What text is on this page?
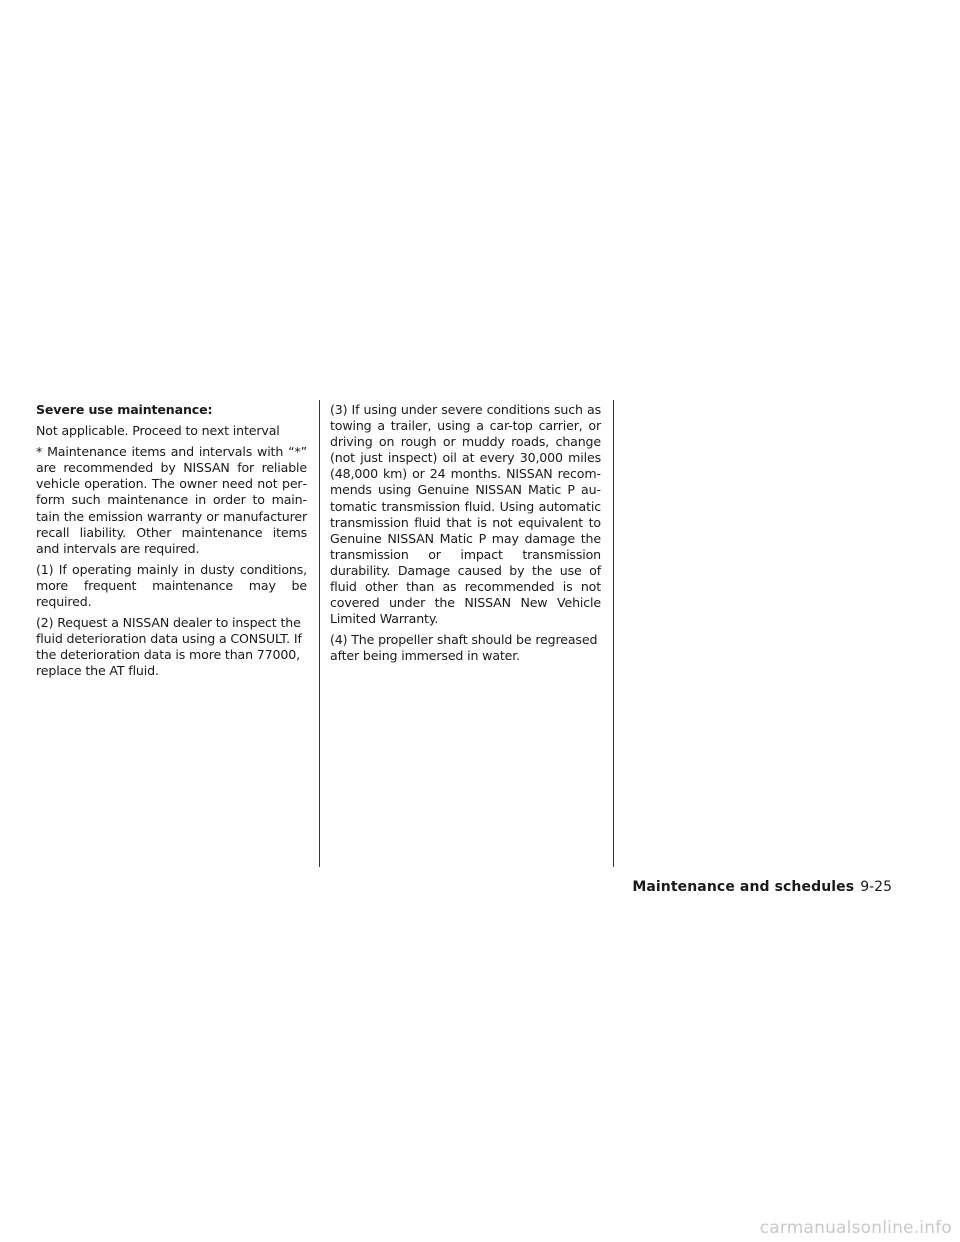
Severe use maintenance:

Not applicable. Proceed to next interval

* Maintenance items and intervals with “*” are recommended by NISSAN for reliable vehicle operation. The owner need not perform such maintenance in order to maintain the emission warranty or manufacturer recall liability. Other maintenance items and intervals are required.

(1) If operating mainly in dusty conditions, more frequent maintenance may be required.

(2) Request a NISSAN dealer to inspect the fluid deterioration data using a CONSULT. If the deterioration data is more than 77000, replace the AT fluid.

(3) If using under severe conditions such as towing a trailer, using a car-top carrier, or driving on rough or muddy roads, change (not just inspect) oil at every 30,000 miles (48,000 km) or 24 months. NISSAN recommends using Genuine NISSAN Matic P automatic transmission fluid. Using automatic transmission fluid that is not equivalent to Genuine NISSAN Matic P may damage the transmission or impact transmission durability. Damage caused by the use of fluid other than as recommended is not covered under the NISSAN New Vehicle Limited Warranty.

(4) The propeller shaft should be regreased after being immersed in water.

Maintenance and schedules 9-25
carmanualsonline.info
